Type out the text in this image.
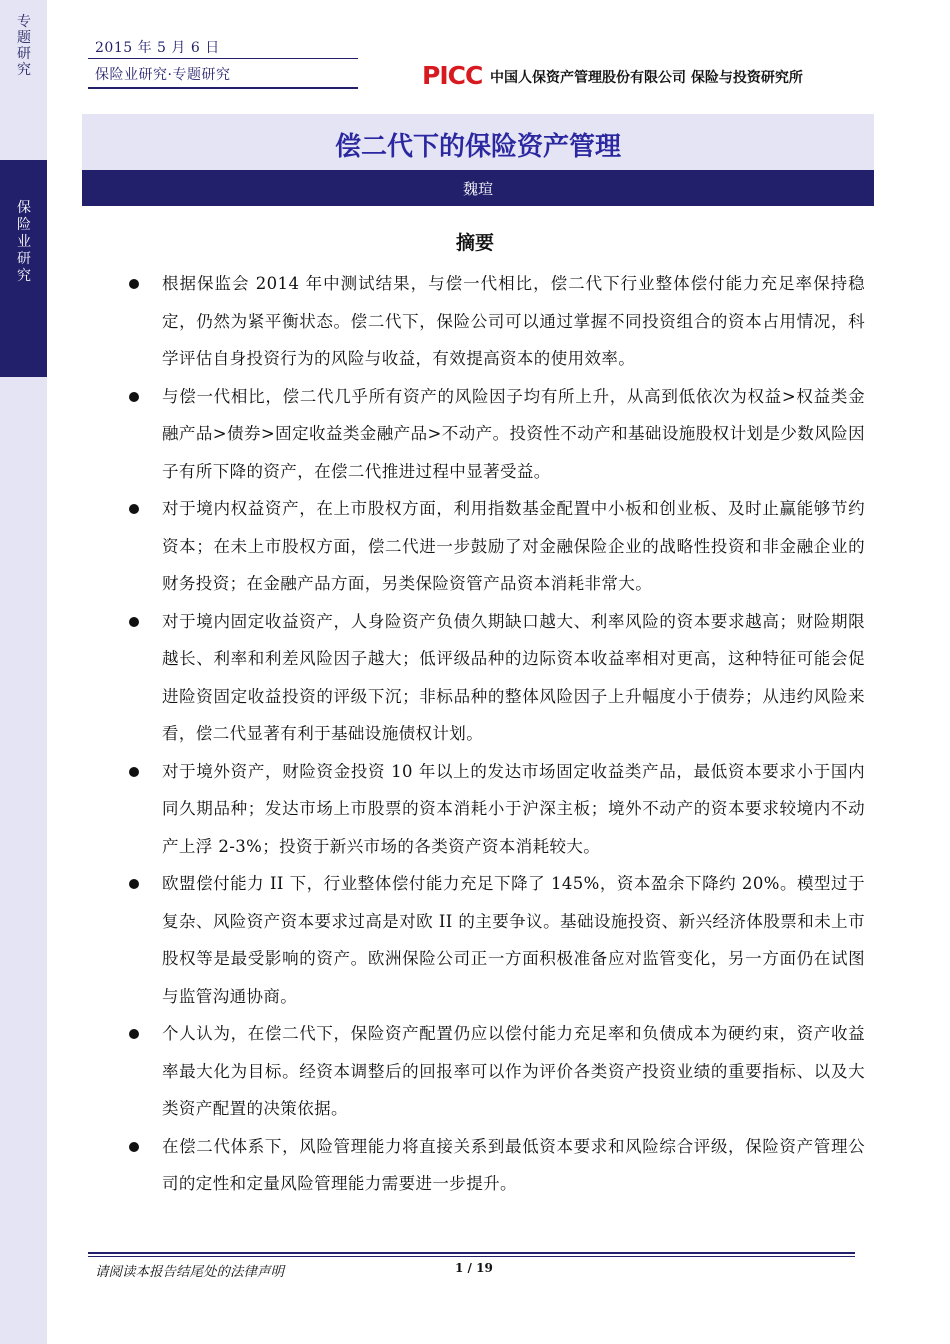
专题研究
保险业研究
2015 年 5 月 6 日
保险业研究·专题研究	PICC 中国人保资产管理股份有限公司 保险与投资研究所
偿二代下的保险资产管理
魏瑄
摘要
根据保监会 2014 年中测试结果，与偿一代相比，偿二代下行业整体偿付能力充足率保持稳定，仍然为紧平衡状态。偿二代下，保险公司可以通过掌握不同投资组合的资本占用情况，科学评估自身投资行为的风险与收益，有效提高资本的使用效率。
与偿一代相比，偿二代几乎所有资产的风险因子均有所上升，从高到低依次为权益>权益类金融产品>债券>固定收益类金融产品>不动产。投资性不动产和基础设施股权计划是少数风险因子有所下降的资产，在偿二代推进过程中显著受益。
对于境内权益资产，在上市股权方面，利用指数基金配置中小板和创业板、及时止赢能够节约资本；在未上市股权方面，偿二代进一步鼓励了对金融保险企业的战略性投资和非金融企业的财务投资；在金融产品方面，另类保险资管产品资本消耗非常大。
对于境内固定收益资产，人身险资产负债久期缺口越大、利率风险的资本要求越高；财险期限越长、利率和利差风险因子越大；低评级品种的边际资本收益率相对更高，这种特征可能会促进险资固定收益投资的评级下沉；非标品种的整体风险因子上升幅度小于债券；从违约风险来看，偿二代显著有利于基础设施债权计划。
对于境外资产，财险资金投资 10 年以上的发达市场固定收益类产品，最低资本要求小于国内同久期品种；发达市场上市股票的资本消耗小于沪深主板；境外不动产的资本要求较境内不动产上浮 2-3%；投资于新兴市场的各类资产资本消耗较大。
欧盟偿付能力 II 下，行业整体偿付能力充足下降了 145%，资本盈余下降约 20%。模型过于复杂、风险资产资本要求过高是对欧 II 的主要争议。基础设施投资、新兴经济体股票和未上市股权等是最受影响的资产。欧洲保险公司正一方面积极准备应对监管变化，另一方面仍在试图与监管沟通协商。
个人认为，在偿二代下，保险资产配置仍应以偿付能力充足率和负债成本为硬约束，资产收益率最大化为目标。经资本调整后的回报率可以作为评价各类资产投资业绩的重要指标、以及大类资产配置的决策依据。
在偿二代体系下，风险管理能力将直接关系到最低资本要求和风险综合评级，保险资产管理公司的定性和定量风险管理能力需要进一步提升。
请阅读本报告结尾处的法律声明	1 / 19
